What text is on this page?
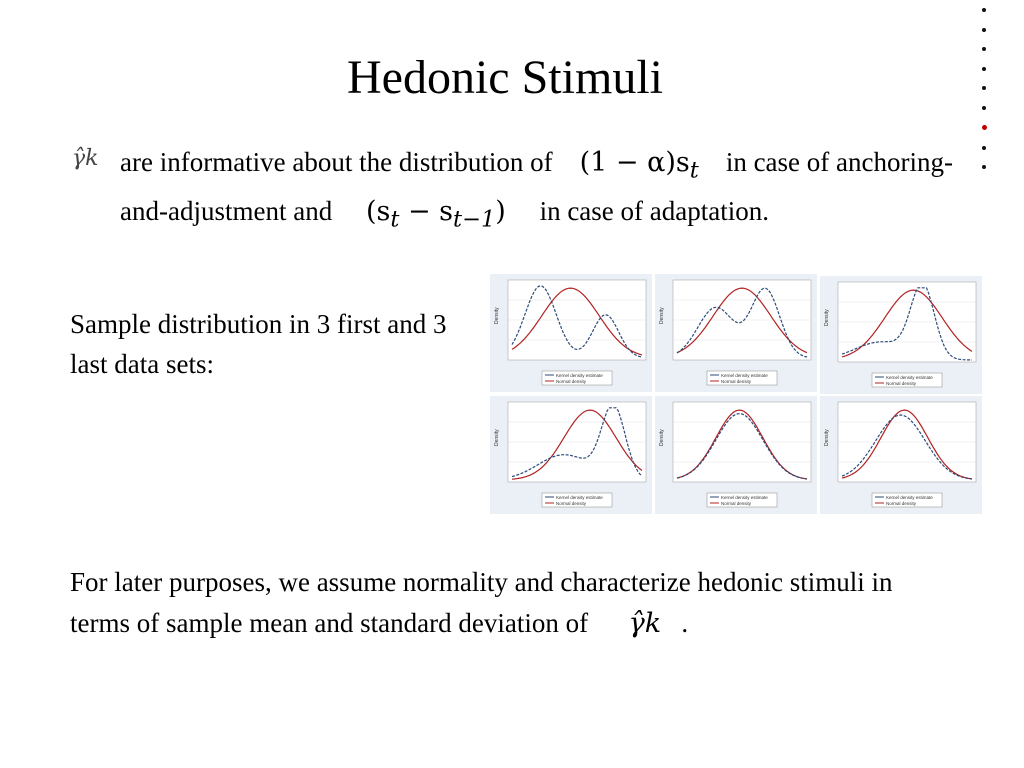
Hedonic Stimuli
γ̂k are informative about the distribution of $(1 - \alpha)s_t$ in case of anchoring-and-adjustment and $(s_t - s_{t-1})$ in case of adaptation.
Sample distribution in 3 first and 3 last data sets:
Density
Kernel density estimate
Normal density
Density
Kernel density estimate
Normal density
Density
Kernel density estimate
Normal density
Density
Kernel density estimate
Normal density
Density
Kernel density estimate
Normal density
Density
Kernel density estimate
Normal density
For later purposes, we assume normality and characterize hedonic stimuli in terms of sample mean and standard deviation of γ̂k .
